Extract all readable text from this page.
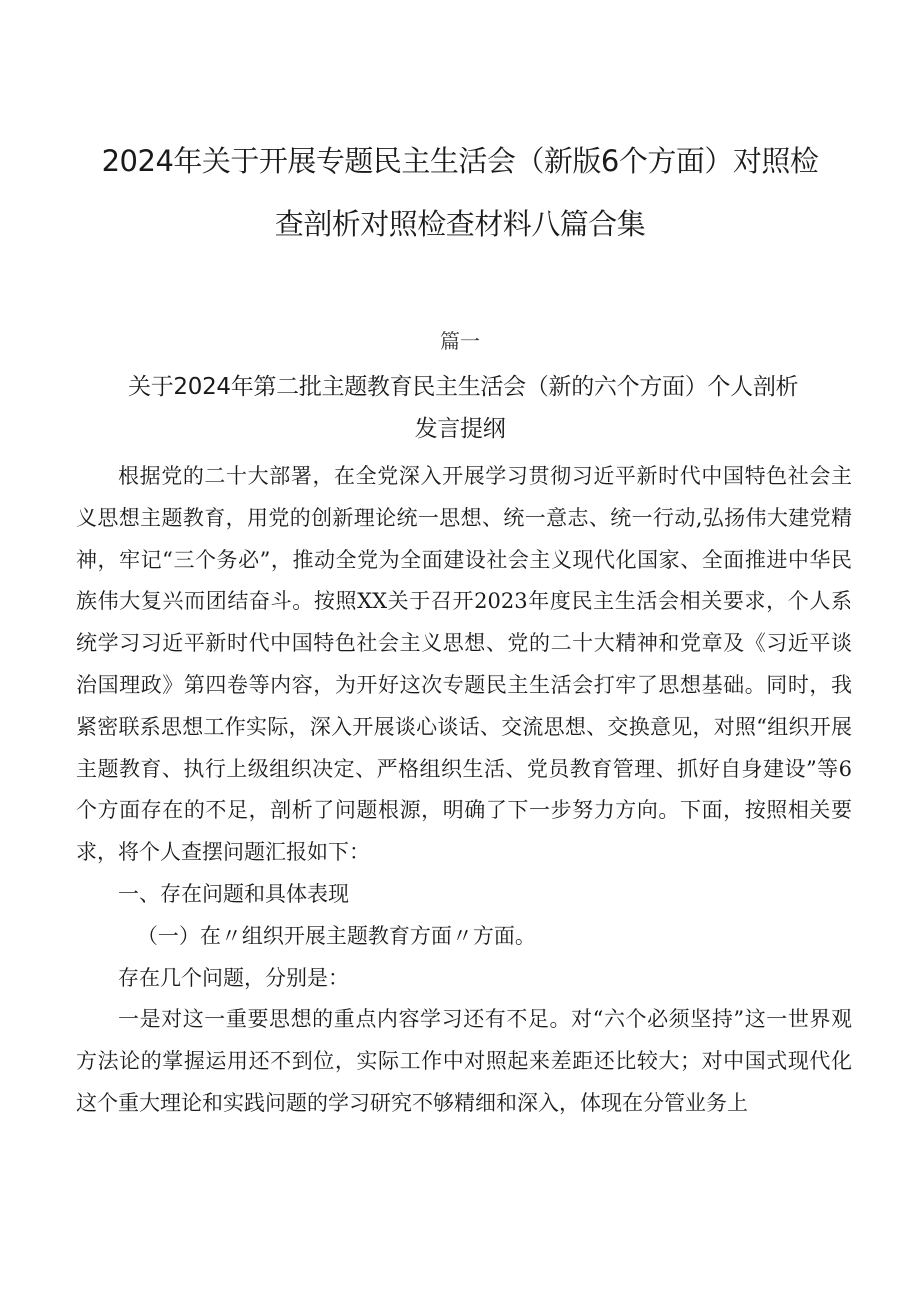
2024年关于开展专题民主生活会（新版6个方面）对照检
查剖析对照检查材料八篇合集
篇一
关于2024年第二批主题教育民主生活会（新的六个方面）个人剖析
发言提纲

根据党的二十大部署，在全党深入开展学习贯彻习近平新时代中国特色社会主义思想主题教育，用党的创新理论统一思想、统一意志、统一行动,弘扬伟大建党精神，牢记“三个务必”，推动全党为全面建设社会主义现代化国家、全面推进中华民族伟大复兴而团结奋斗。按照XX关于召开2023年度民主生活会相关要求，个人系统学习习近平新时代中国特色社会主义思想、党的二十大精神和党章及《习近平谈治国理政》第四卷等内容，为开好这次专题民主生活会打牢了思想基础。同时，我紧密联系思想工作实际，深入开展谈心谈话、交流思想、交换意见，对照“组织开展主题教育、执行上级组织决定、严格组织生活、党员教育管理、抓好自身建设”等6个方面存在的不足，剖析了问题根源，明确了下一步努力方向。下面，按照相关要求，将个人查摆问题汇报如下：

一、存在问题和具体表现

（一）在〃组织开展主题教育方面〃方面。

存在几个问题，分别是：

一是对这一重要思想的重点内容学习还有不足。对“六个必须坚持”这一世界观方法论的掌握运用还不到位，实际工作中对照起来差距还比较大；对中国式现代化这个重大理论和实践问题的学习研究不够精细和深入，体现在分管业务上
